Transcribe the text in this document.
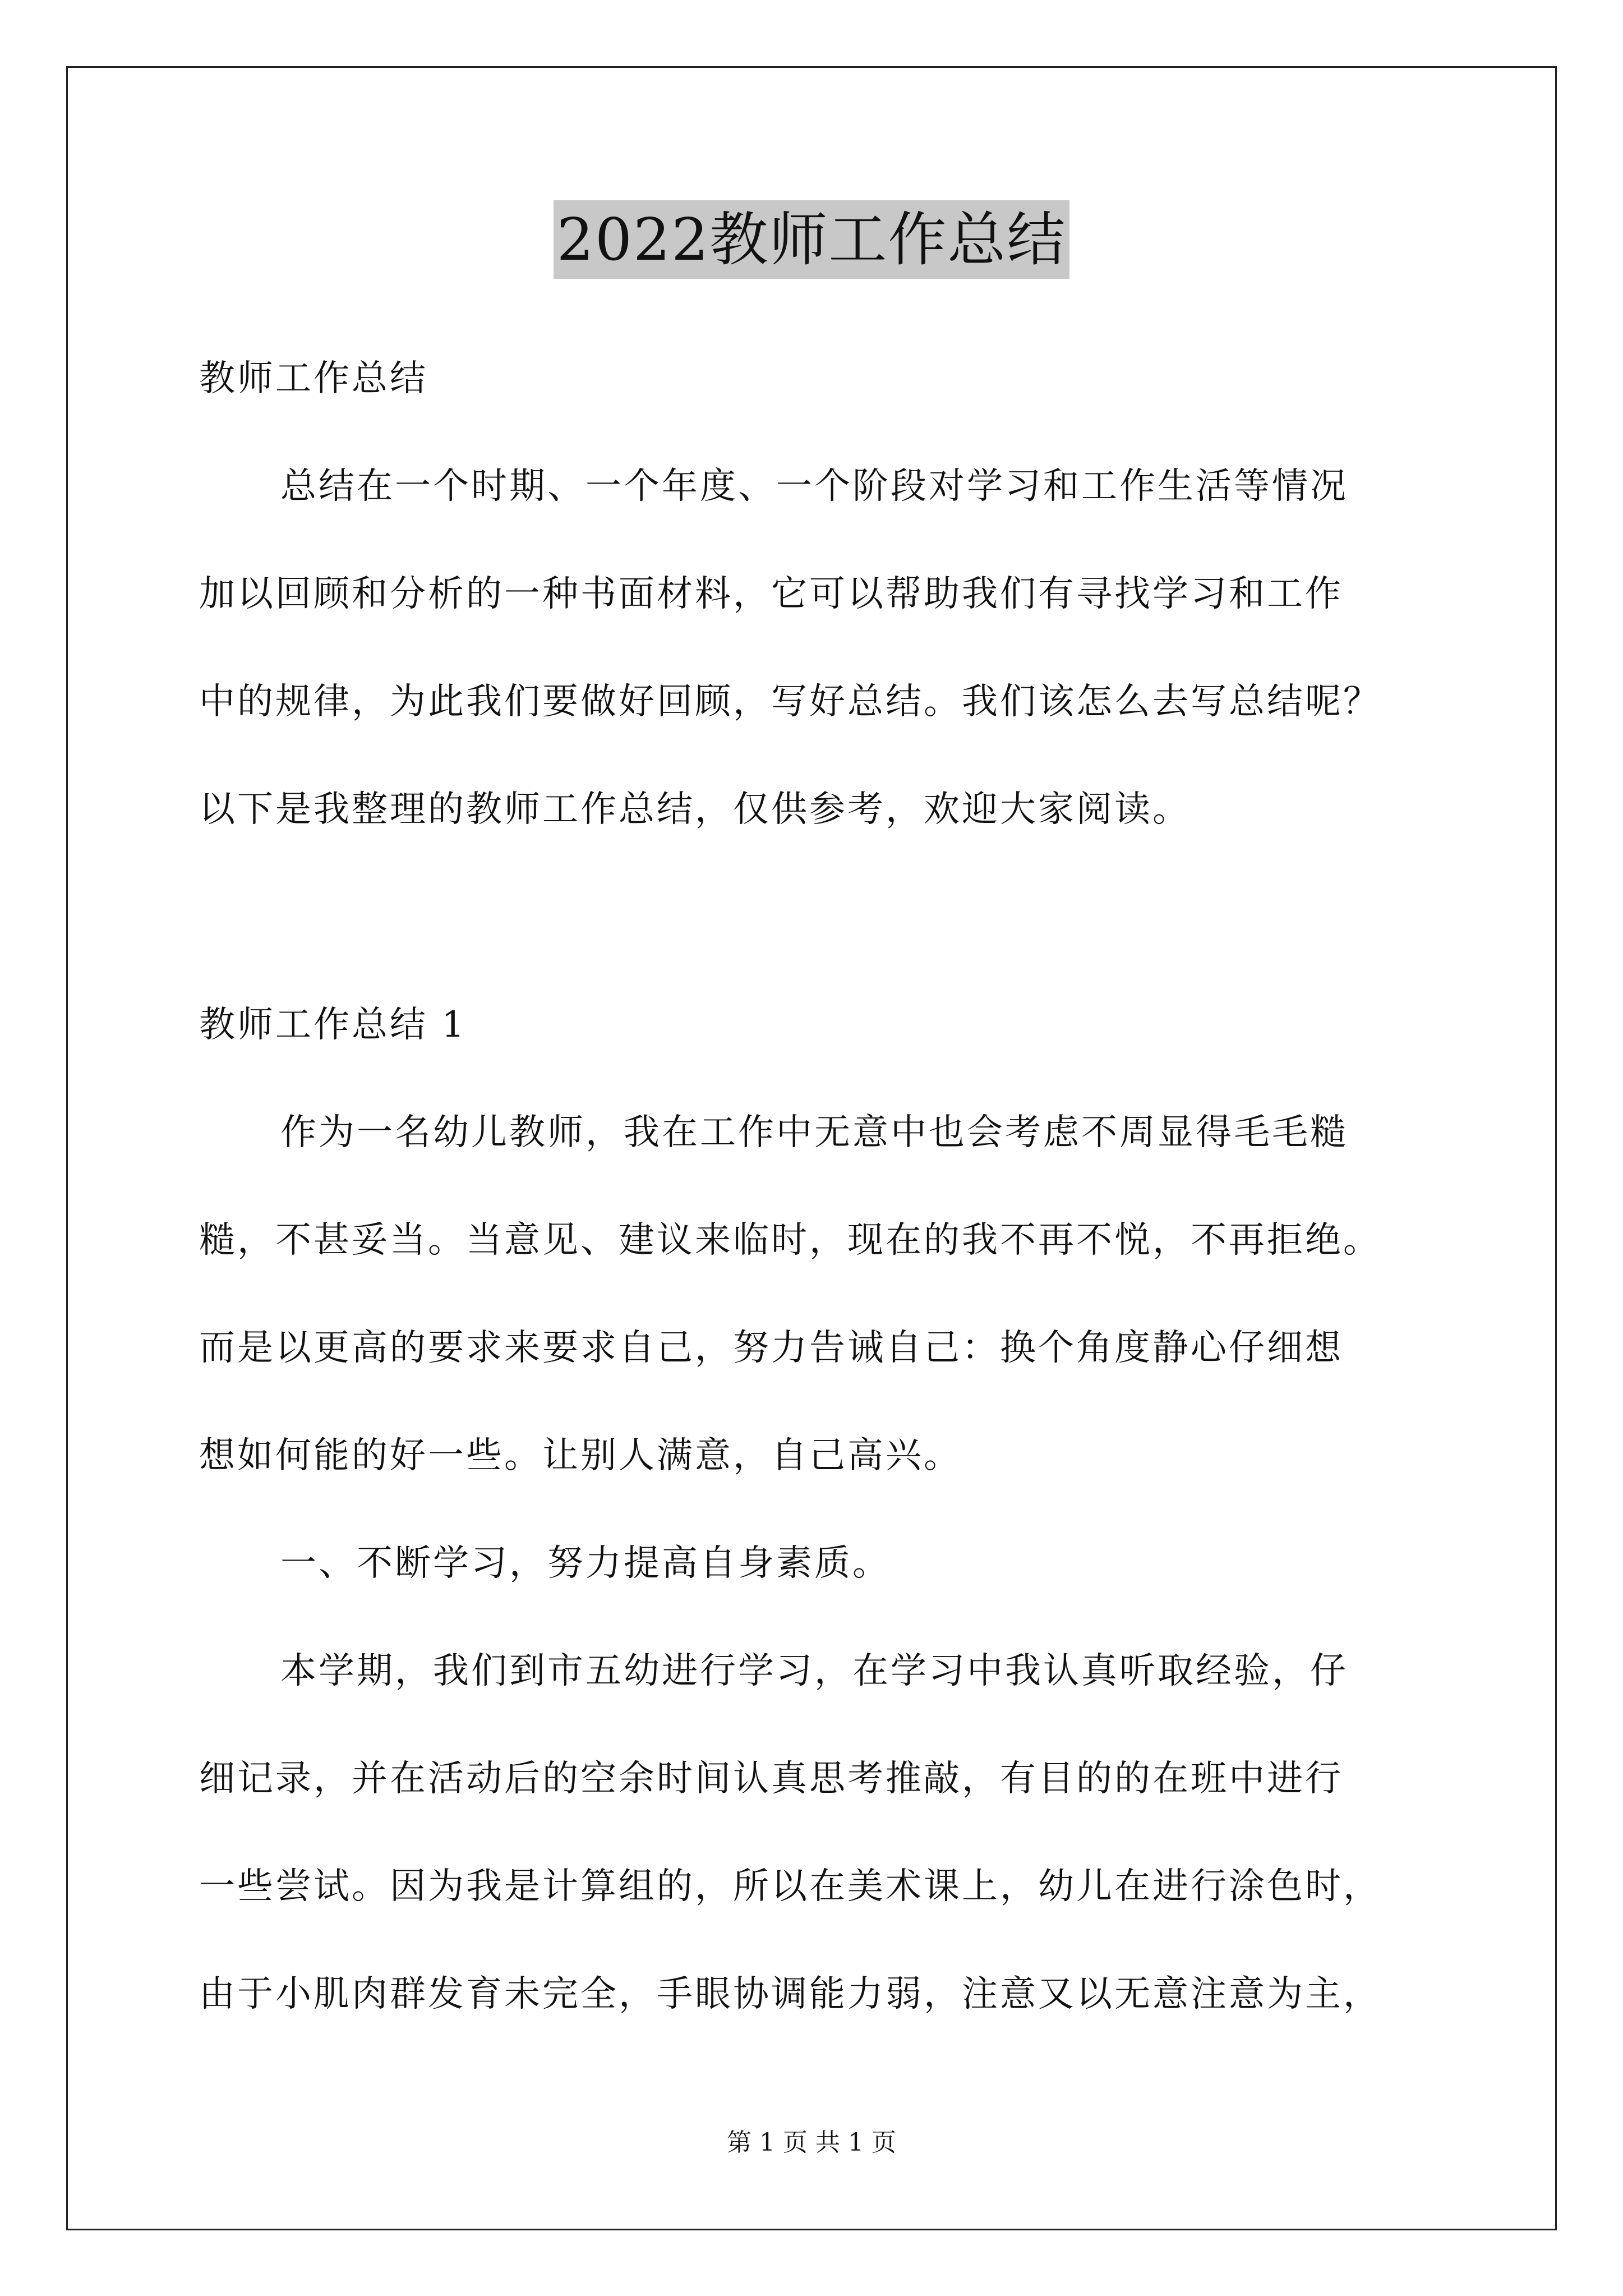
2022教师工作总结
教师工作总结
总结在一个时期、一个年度、一个阶段对学习和工作生活等情况
加以回顾和分析的一种书面材料，它可以帮助我们有寻找学习和工作
中的规律，为此我们要做好回顾，写好总结。我们该怎么去写总结呢？
以下是我整理的教师工作总结，仅供参考，欢迎大家阅读。
教师工作总结 1
作为一名幼儿教师，我在工作中无意中也会考虑不周显得毛毛糙
糙，不甚妥当。当意见、建议来临时，现在的我不再不悦，不再拒绝。
而是以更高的要求来要求自己，努力告诫自己：换个角度静心仔细想
想如何能的好一些。让别人满意，自己高兴。
一、不断学习，努力提高自身素质。
本学期，我们到市五幼进行学习，在学习中我认真听取经验，仔
细记录，并在活动后的空余时间认真思考推敲，有目的的在班中进行
一些尝试。因为我是计算组的，所以在美术课上，幼儿在进行涂色时，
由于小肌肉群发育未完全，手眼协调能力弱，注意又以无意注意为主，
第 1 页 共 1 页
